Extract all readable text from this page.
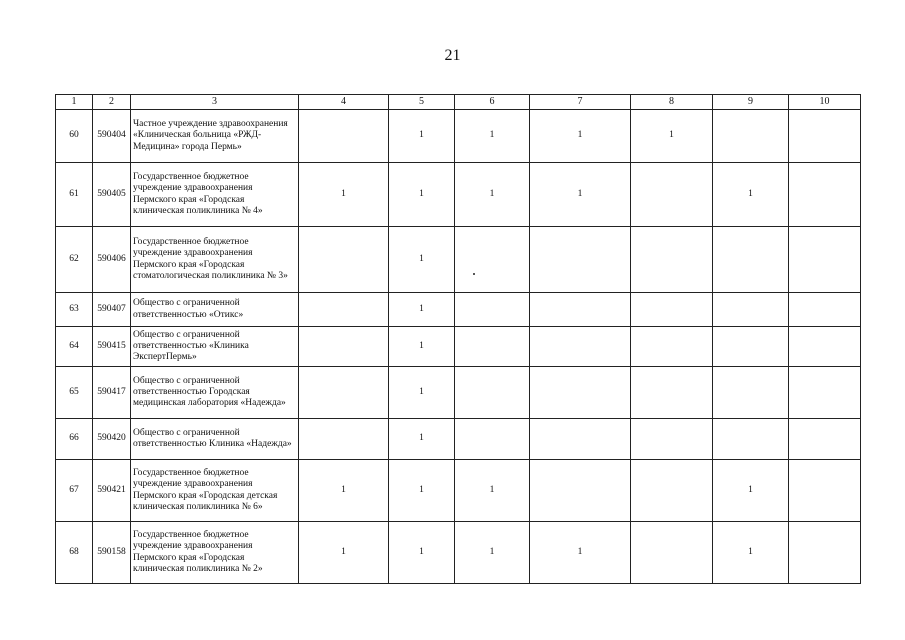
21
1	2	3	4	5	6	7	8	9	10
60	590404	Частное учреждение здравоохранения «Клиническая больница «РЖД-Медицина» города Пермь»		1	1	1	1		
61	590405	Государственное бюджетное учреждение здравоохранения Пермского края «Городская клиническая поликлиника № 4»	1	1	1	1		1	
62	590406	Государственное бюджетное учреждение здравоохранения Пермского края «Городская стоматологическая поликлиника № 3»		1					
63	590407	Общество с ограниченной ответственностью «Отикс»		1					
64	590415	Общество с ограниченной ответственностью «Клиника ЭкспертПермь»		1					
65	590417	Общество с ограниченной ответственностью Городская медицинская лаборатория «Надежда»		1					
66	590420	Общество с ограниченной ответственностью Клиника «Надежда»		1					
67	590421	Государственное бюджетное учреждение здравоохранения Пермского края «Городская детская клиническая поликлиника № 6»	1	1	1			1	
68	590158	Государственное бюджетное учреждение здравоохранения Пермского края «Городская клиническая поликлиника № 2»	1	1	1	1		1	
